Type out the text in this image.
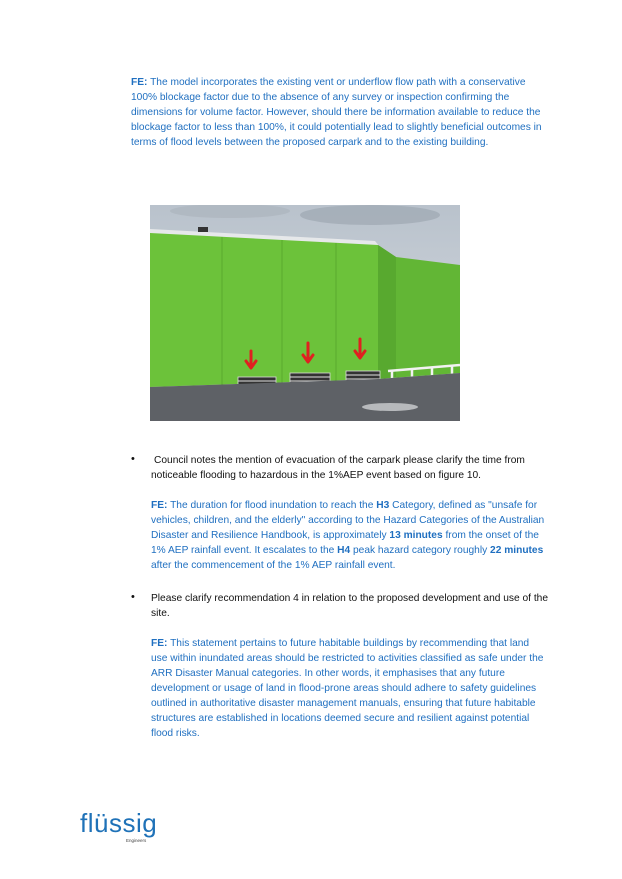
FE: The model incorporates the existing vent or underflow flow path with a conservative 100% blockage factor due to the absence of any survey or inspection confirming the dimensions for volume factor. However, should there be information available to reduce the blockage factor to less than 100%, it could potentially lead to slightly beneficial outcomes in terms of flood levels between the proposed carpark and to the existing building.
• Council notes the mention of evacuation of the carpark please clarify the time from noticeable flooding to hazardous in the 1%AEP event based on figure 10.
FE: The duration for flood inundation to reach the H3 Category, defined as "unsafe for vehicles, children, and the elderly" according to the Hazard Categories of the Australian Disaster and Resilience Handbook, is approximately 13 minutes from the onset of the 1% AEP rainfall event. It escalates to the H4 peak hazard category roughly 22 minutes after the commencement of the 1% AEP rainfall event.
• Please clarify recommendation 4 in relation to the proposed development and use of the site.
FE: This statement pertains to future habitable buildings by recommending that land use within inundated areas should be restricted to activities classified as safe under the ARR Disaster Manual categories. In other words, it emphasises that any future development or usage of land in flood-prone areas should adhere to safety guidelines outlined in authoritative disaster management manuals, ensuring that future habitable structures are established in locations deemed secure and resilient against potential flood risks.
flüssig
Engineers
